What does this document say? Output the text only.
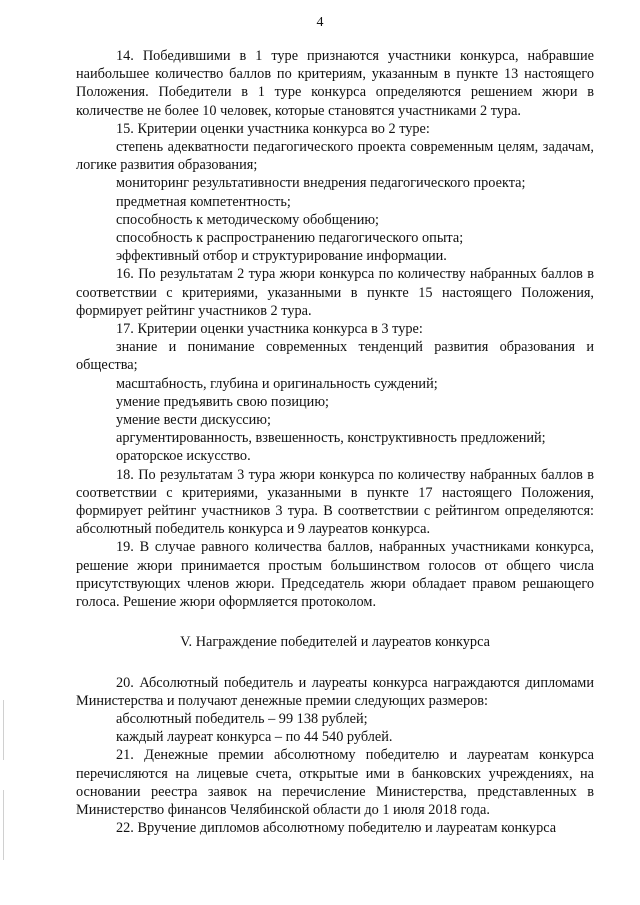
4

14. Победившими в 1 туре признаются участники конкурса, набравшие наибольшее количество баллов по критериям, указанным в пункте 13 настоящего Положения. Победители в 1 туре конкурса определяются решением жюри в количестве не более 10 человек, которые становятся участниками 2 тура.

15. Критерии оценки участника конкурса во 2 туре:

степень адекватности педагогического проекта современным целям, задачам, логике развития образования;

мониторинг результативности внедрения педагогического проекта;

предметная компетентность;

способность к методическому обобщению;

способность к распространению педагогического опыта;

эффективный отбор и структурирование информации.

16. По результатам 2 тура жюри конкурса по количеству набранных баллов в соответствии с критериями, указанными в пункте 15 настоящего Положения, формирует рейтинг участников 2 тура.

17. Критерии оценки участника конкурса в 3 туре:

знание и понимание современных тенденций развития образования и общества;

масштабность, глубина и оригинальность суждений;

умение предъявить свою позицию;

умение вести дискуссию;

аргументированность, взвешенность, конструктивность предложений;

ораторское искусство.

18. По результатам 3 тура жюри конкурса по количеству набранных баллов в соответствии с критериями, указанными в пункте 17 настоящего Положения, формирует рейтинг участников 3 тура. В соответствии с рейтингом определяются: абсолютный победитель конкурса и 9 лауреатов конкурса.

19. В случае равного количества баллов, набранных участниками конкурса, решение жюри принимается простым большинством голосов от общего числа присутствующих членов жюри. Председатель жюри обладает правом решающего голоса. Решение жюри оформляется протоколом.

V. Награждение победителей и лауреатов конкурса

20. Абсолютный победитель и лауреаты конкурса награждаются дипломами Министерства и получают денежные премии следующих размеров:

абсолютный победитель – 99 138 рублей;

каждый лауреат конкурса – по 44 540 рублей.

21. Денежные премии абсолютному победителю и лауреатам конкурса перечисляются на лицевые счета, открытые ими в банковских учреждениях, на основании реестра заявок на перечисление Министерства, представленных в Министерство финансов Челябинской области до 1 июля 2018 года.

22. Вручение дипломов абсолютному победителю и лауреатам конкурса
